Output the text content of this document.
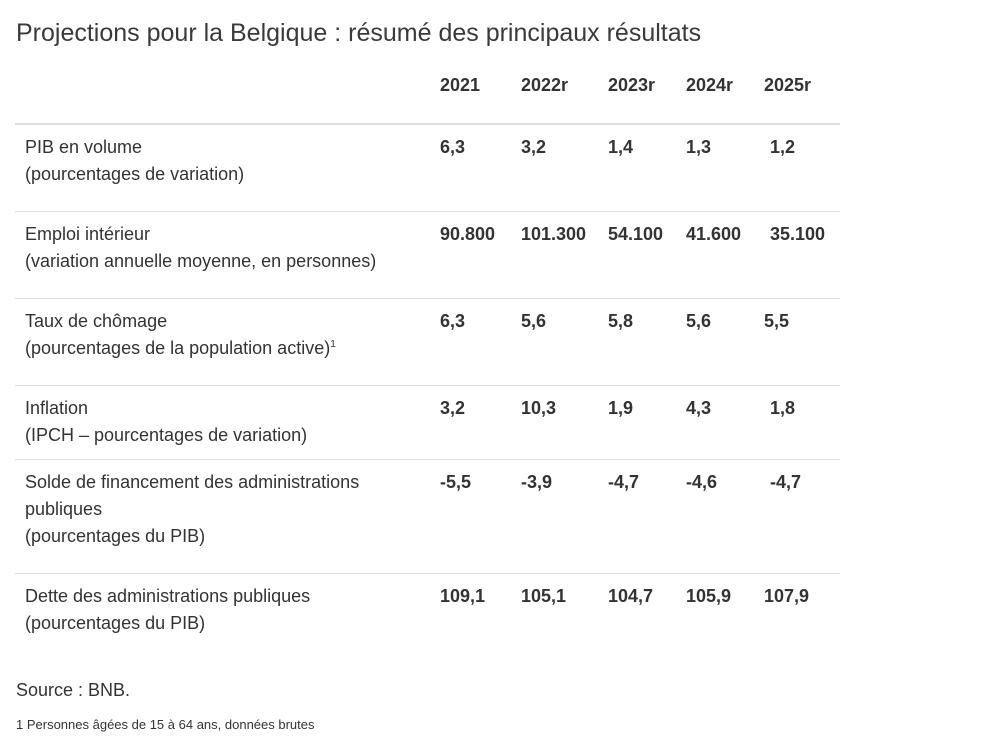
Projections pour la Belgique : résumé des principaux résultats
2021 2022r 2023r 2024r 2025r
PIB en volume
(pourcentages de variation)
6,3	3,2	1,4	1,3	1,2
Emploi intérieur
(variation annuelle moyenne, en personnes)
90.800 101.300 54.100 41.600 35.100
Taux de chômage
(pourcentages de la population active)$^1$
6,3	5,6	5,8	5,6	5,5
Inflation
(IPCH – pourcentages de variation)
3,2	10,3	1,9	4,3	1,8
Solde de financement des administrations
publiques
(pourcentages du PIB)
-5,5	-3,9	-4,7	-4,6	-4,7
Dette des administrations publiques
(pourcentages du PIB)
109,1 105,1 104,7 105,9 107,9
Source : BNB.
1 Personnes âgées de 15 à 64 ans, données brutes
